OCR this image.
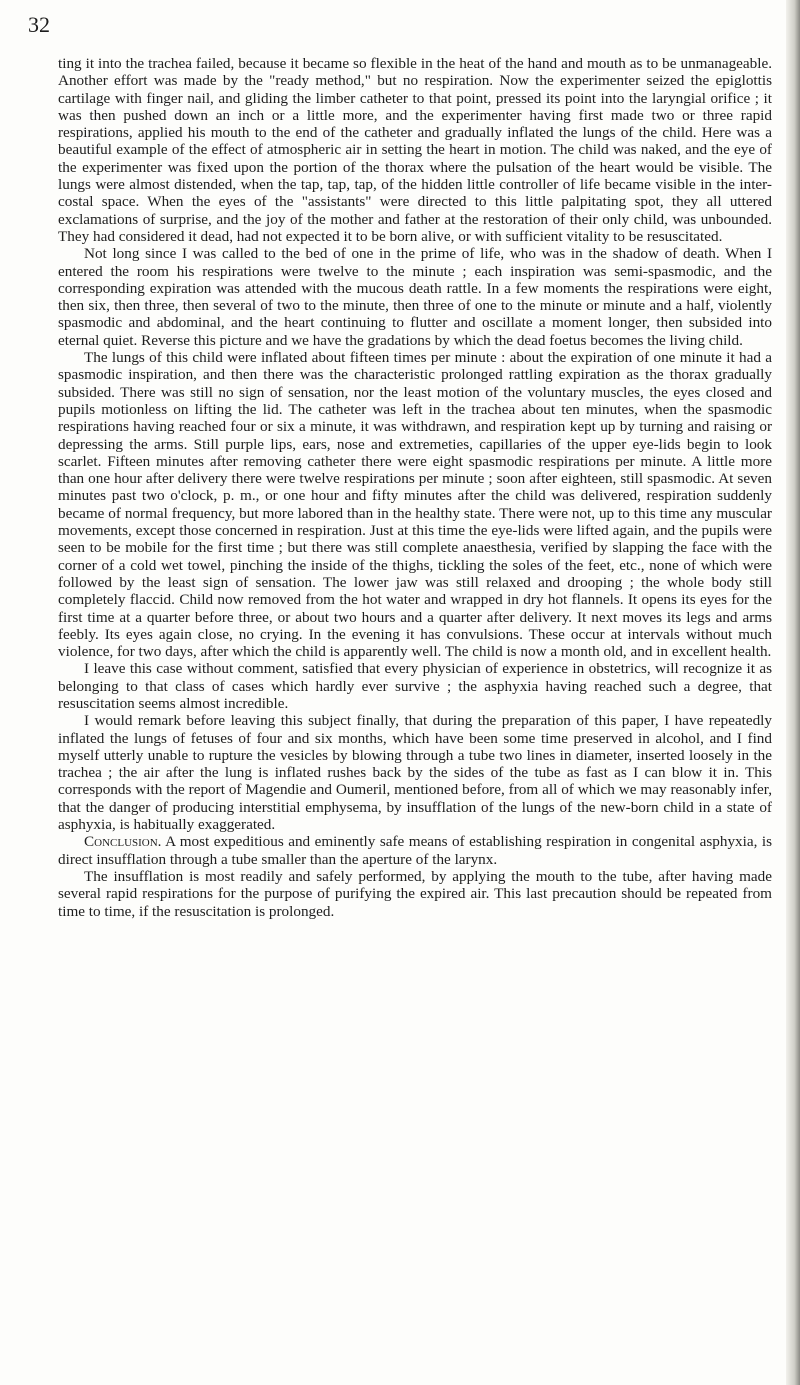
32

ting it into the trachea failed, because it became so flexible in the heat of the hand and mouth as to be unmanageable. Another effort was made by the "ready method," but no respiration. Now the experimenter seized the epiglottis cartilage with finger nail, and gliding the limber catheter to that point, pressed its point into the laryngial orifice ; it was then pushed down an inch or a little more, and the experimenter having first made two or three rapid respirations, applied his mouth to the end of the catheter and gradually inflated the lungs of the child. Here was a beautiful example of the effect of atmospheric air in setting the heart in motion. The child was naked, and the eye of the experimenter was fixed upon the portion of the thorax where the pulsation of the heart would be visible. The lungs were almost distended, when the tap, tap, tap, of the hidden little controller of life became visible in the inter-costal space. When the eyes of the "assistants" were directed to this little palpitating spot, they all uttered exclamations of surprise, and the joy of the mother and father at the restoration of their only child, was unbounded. They had considered it dead, had not expected it to be born alive, or with sufficient vitality to be resuscitated.

Not long since I was called to the bed of one in the prime of life, who was in the shadow of death. When I entered the room his respirations were twelve to the minute ; each inspiration was semi-spasmodic, and the corresponding expiration was attended with the mucous death rattle. In a few moments the respirations were eight, then six, then three, then several of two to the minute, then three of one to the minute or minute and a half, violently spasmodic and abdominal, and the heart continuing to flutter and oscillate a moment longer, then subsided into eternal quiet. Reverse this picture and we have the gradations by which the dead foetus becomes the living child.

The lungs of this child were inflated about fifteen times per minute : about the expiration of one minute it had a spasmodic inspiration, and then there was the characteristic prolonged rattling expiration as the thorax gradually subsided. There was still no sign of sensation, nor the least motion of the voluntary muscles, the eyes closed and pupils motionless on lifting the lid. The catheter was left in the trachea about ten minutes, when the spasmodic respirations having reached four or six a minute, it was withdrawn, and respiration kept up by turning and raising or depressing the arms. Still purple lips, ears, nose and extremeties, capillaries of the upper eye-lids begin to look scarlet. Fifteen minutes after removing catheter there were eight spasmodic respirations per minute. A little more than one hour after delivery there were twelve respirations per minute ; soon after eighteen, still spasmodic. At seven minutes past two o'clock, p. m., or one hour and fifty minutes after the child was delivered, respiration suddenly became of normal frequency, but more labored than in the healthy state. There were not, up to this time any muscular movements, except those concerned in respiration. Just at this time the eye-lids were lifted again, and the pupils were seen to be mobile for the first time ; but there was still complete anaesthesia, verified by slapping the face with the corner of a cold wet towel, pinching the inside of the thighs, tickling the soles of the feet, etc., none of which were followed by the least sign of sensation. The lower jaw was still relaxed and drooping ; the whole body still completely flaccid. Child now removed from the hot water and wrapped in dry hot flannels. It opens its eyes for the first time at a quarter before three, or about two hours and a quarter after delivery. It next moves its legs and arms feebly. Its eyes again close, no crying. In the evening it has convulsions. These occur at intervals without much violence, for two days, after which the child is apparently well. The child is now a month old, and in excellent health.

I leave this case without comment, satisfied that every physician of experience in obstetrics, will recognize it as belonging to that class of cases which hardly ever survive ; the asphyxia having reached such a degree, that resuscitation seems almost incredible.

I would remark before leaving this subject finally, that during the preparation of this paper, I have repeatedly inflated the lungs of fetuses of four and six months, which have been some time preserved in alcohol, and I find myself utterly unable to rupture the vesicles by blowing through a tube two lines in diameter, inserted loosely in the trachea ; the air after the lung is inflated rushes back by the sides of the tube as fast as I can blow it in. This corresponds with the report of Magendie and Oumeril, mentioned before, from all of which we may reasonably infer, that the danger of producing interstitial emphysema, by insufflation of the lungs of the new-born child in a state of asphyxia, is habitually exaggerated.

Conclusion. A most expeditious and eminently safe means of establishing respiration in congenital asphyxia, is direct insufflation through a tube smaller than the aperture of the larynx.

The insufflation is most readily and safely performed, by applying the mouth to the tube, after having made several rapid respirations for the purpose of purifying the expired air. This last precaution should be repeated from time to time, if the resuscitation is prolonged.
